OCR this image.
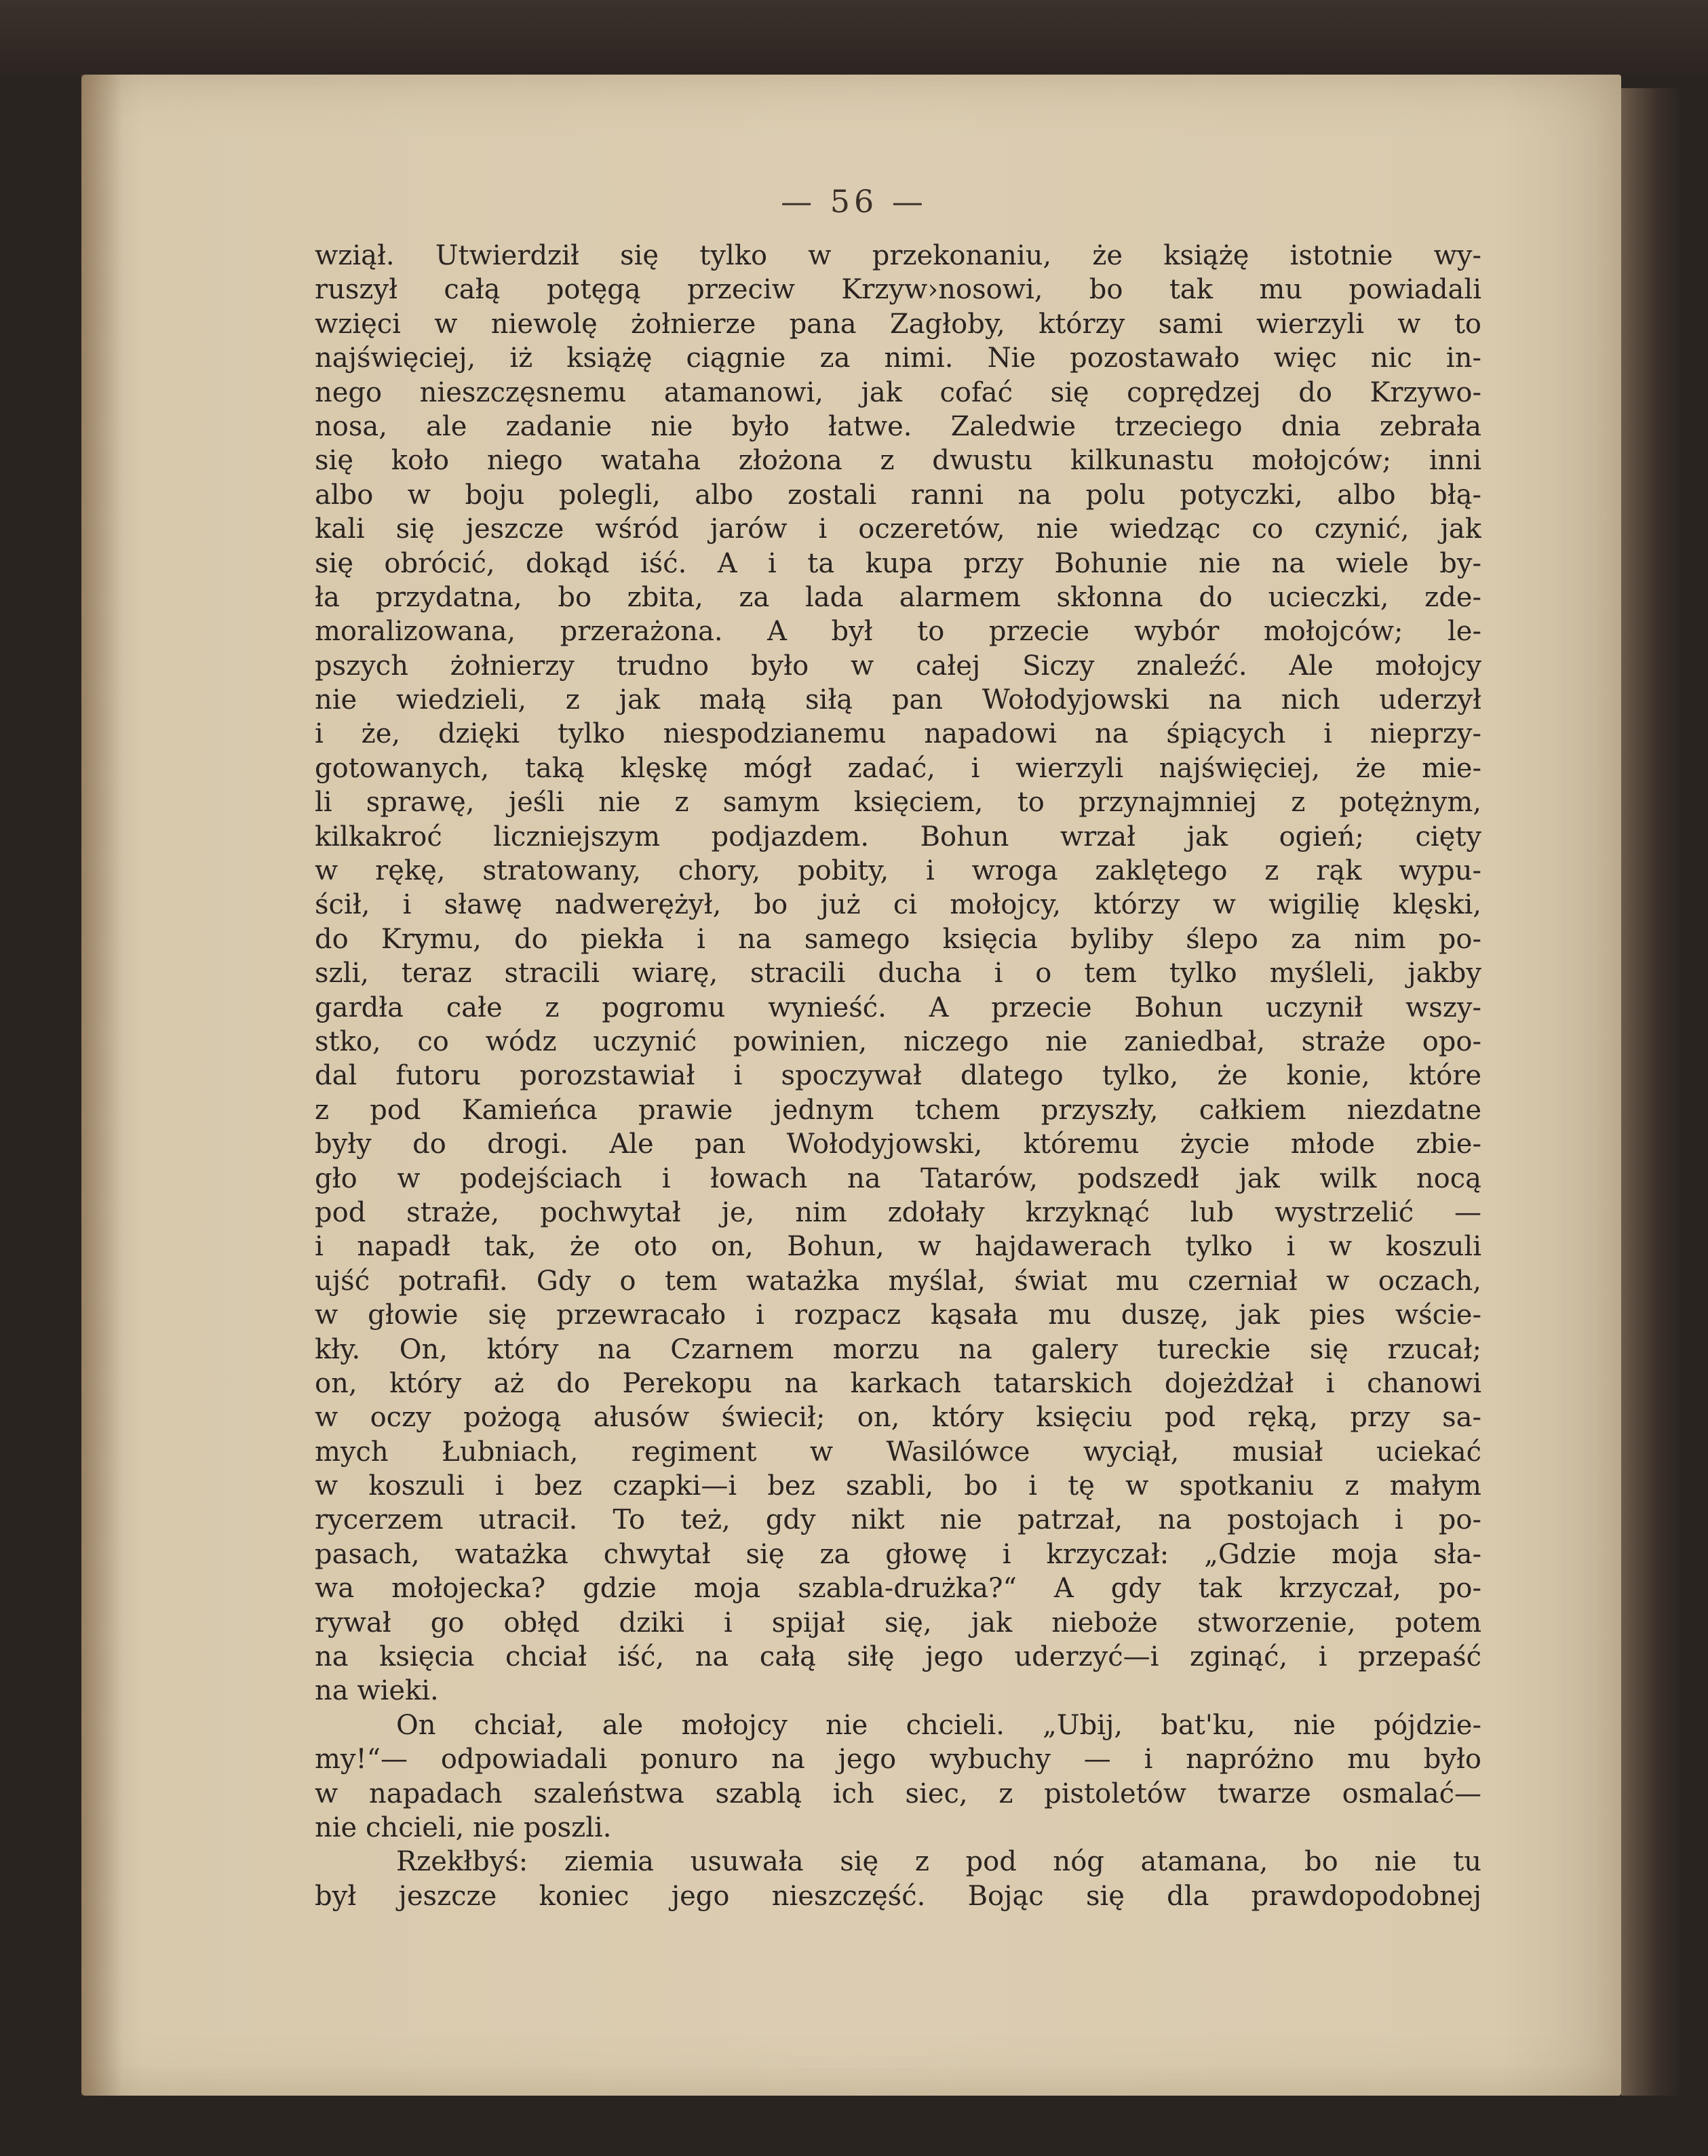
— 56 —
wziął. Utwierdził się tylko w przekonaniu, że książę istotnie wy-
ruszył całą potęgą przeciw Krzyw›nosowi, bo tak mu powiadali
wzięci w niewolę żołnierze pana Zagłoby, którzy sami wierzyli w to
najświęciej, iż książę ciągnie za nimi. Nie pozostawało więc nic in-
nego nieszczęsnemu atamanowi, jak cofać się coprędzej do Krzywo-
nosa, ale zadanie nie było łatwe. Zaledwie trzeciego dnia zebrała
się koło niego wataha złożona z dwustu kilkunastu mołojców; inni
albo w boju polegli, albo zostali ranni na polu potyczki, albo błą-
kali się jeszcze wśród jarów i oczeretów, nie wiedząc co czynić, jak
się obrócić, dokąd iść. A i ta kupa przy Bohunie nie na wiele by-
ła przydatna, bo zbita, za lada alarmem skłonna do ucieczki, zde-
moralizowana, przerażona. A był to przecie wybór mołojców; le-
pszych żołnierzy trudno było w całej Siczy znaleźć. Ale mołojcy
nie wiedzieli, z jak małą siłą pan Wołodyjowski na nich uderzył
i że, dzięki tylko niespodzianemu napadowi na śpiących i nieprzy-
gotowanych, taką klęskę mógł zadać, i wierzyli najświęciej, że mie-
li sprawę, jeśli nie z samym księciem, to przynajmniej z potężnym,
kilkakroć liczniejszym podjazdem. Bohun wrzał jak ogień; cięty
w rękę, stratowany, chory, pobity, i wroga zaklętego z rąk wypu-
ścił, i sławę nadwerężył, bo już ci mołojcy, którzy w wigilię klęski,
do Krymu, do piekła i na samego księcia byliby ślepo za nim po-
szli, teraz stracili wiarę, stracili ducha i o tem tylko myśleli, jakby
gardła całe z pogromu wynieść. A przecie Bohun uczynił wszy-
stko, co wódz uczynić powinien, niczego nie zaniedbał, straże opo-
dal futoru porozstawiał i spoczywał dlatego tylko, że konie, które
z pod Kamieńca prawie jednym tchem przyszły, całkiem niezdatne
były do drogi. Ale pan Wołodyjowski, któremu życie młode zbie-
gło w podejściach i łowach na Tatarów, podszedł jak wilk nocą
pod straże, pochwytał je, nim zdołały krzyknąć lub wystrzelić —
i napadł tak, że oto on, Bohun, w hajdawerach tylko i w koszuli
ujść potrafił. Gdy o tem watażka myślał, świat mu czerniał w oczach,
w głowie się przewracało i rozpacz kąsała mu duszę, jak pies wście-
kły. On, który na Czarnem morzu na galery tureckie się rzucał;
on, który aż do Perekopu na karkach tatarskich dojeżdżał i chanowi
w oczy pożogą ałusów świecił; on, który księciu pod ręką, przy sa-
mych Łubniach, regiment w Wasilówce wyciął, musiał uciekać
w koszuli i bez czapki—i bez szabli, bo i tę w spotkaniu z małym
rycerzem utracił. To też, gdy nikt nie patrzał, na postojach i po-
pasach, watażka chwytał się za głowę i krzyczał: „Gdzie moja sła-
wa mołojecka? gdzie moja szabla-drużka?“ A gdy tak krzyczał, po-
rywał go obłęd dziki i spijał się, jak nieboże stworzenie, potem
na księcia chciał iść, na całą siłę jego uderzyć—i zginąć, i przepaść
na wieki.
On chciał, ale mołojcy nie chcieli. „Ubij, bat'ku, nie pójdzie-
my!“— odpowiadali ponuro na jego wybuchy — i napróżno mu było
w napadach szaleństwa szablą ich siec, z pistoletów twarze osmalać—
nie chcieli, nie poszli.
Rzekłbyś: ziemia usuwała się z pod nóg atamana, bo nie tu
był jeszcze koniec jego nieszczęść. Bojąc się dla prawdopodobnej
